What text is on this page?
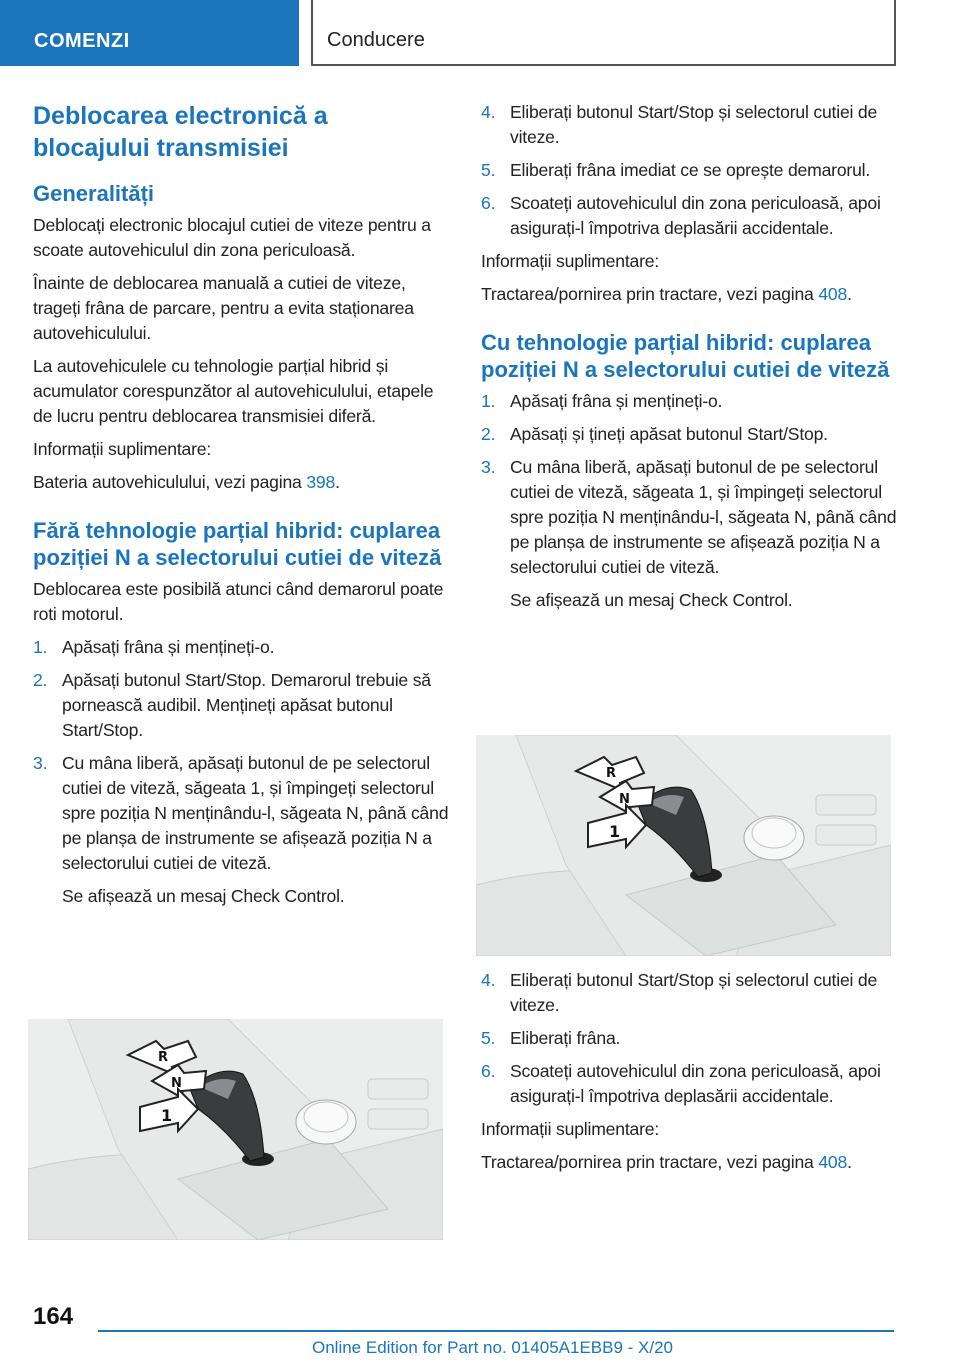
COMENZI	Conducere
Deblocarea electronică a blocajului transmisiei
Generalități

Deblocați electronic blocajul cutiei de viteze pentru a scoate autovehiculul din zona periculoasă.

Înainte de deblocarea manuală a cutiei de viteze, trageți frâna de parcare, pentru a evita staționarea autovehiculului.

La autovehiculele cu tehnologie parțial hibrid și acumulator corespunzător al autovehiculului, etapele de lucru pentru deblocarea transmisiei diferă.

Informații suplimentare:

Bateria autovehiculului, vezi pagina 398.

Fără tehnologie parțial hibrid: cuplarea poziției N a selectorului cutiei de viteză

Deblocarea este posibilă atunci când demarorul poate roti motorul.

1. Apăsați frâna și mențineți-o.
2. Apăsați butonul Start/Stop. Demarorul trebuie să pornească audibil. Mențineți apăsat butonul Start/Stop.
3. Cu mâna liberă, apăsați butonul de pe selectorul cutiei de viteză, săgeata 1, și împingeți selectorul spre poziția N menținându-l, săgeata N, până când pe planșa de instrumente se afișează poziția N a selectorului cutiei de viteză.

Se afișează un mesaj Check Control.

R
N
1
4. Eliberați butonul Start/Stop și selectorul cutiei de viteze.
5. Eliberați frâna imediat ce se oprește demarorul.
6. Scoateți autovehiculul din zona periculoasă, apoi asigurați-l împotriva deplasării accidentale.

Informații suplimentare:

Tractarea/pornirea prin tractare, vezi pagina 408.

Cu tehnologie parțial hibrid: cuplarea poziției N a selectorului cutiei de viteză
1. Apăsați frâna și mențineți-o.
2. Apăsați și țineți apăsat butonul Start/Stop.
3. Cu mâna liberă, apăsați butonul de pe selectorul cutiei de viteză, săgeata 1, și împingeți selectorul spre poziția N menținându-l, săgeata N, până când pe planșa de instrumente se afișează poziția N a selectorului cutiei de viteză.

Se afișează un mesaj Check Control.

R
N
1
4. Eliberați butonul Start/Stop și selectorul cutiei de viteze.
5. Eliberați frâna.
6. Scoateți autovehiculul din zona periculoasă, apoi asigurați-l împotriva deplasării accidentale.

Informații suplimentare:

Tractarea/pornirea prin tractare, vezi pagina 408.

164
Online Edition for Part no. 01405A1EBB9 - X/20
